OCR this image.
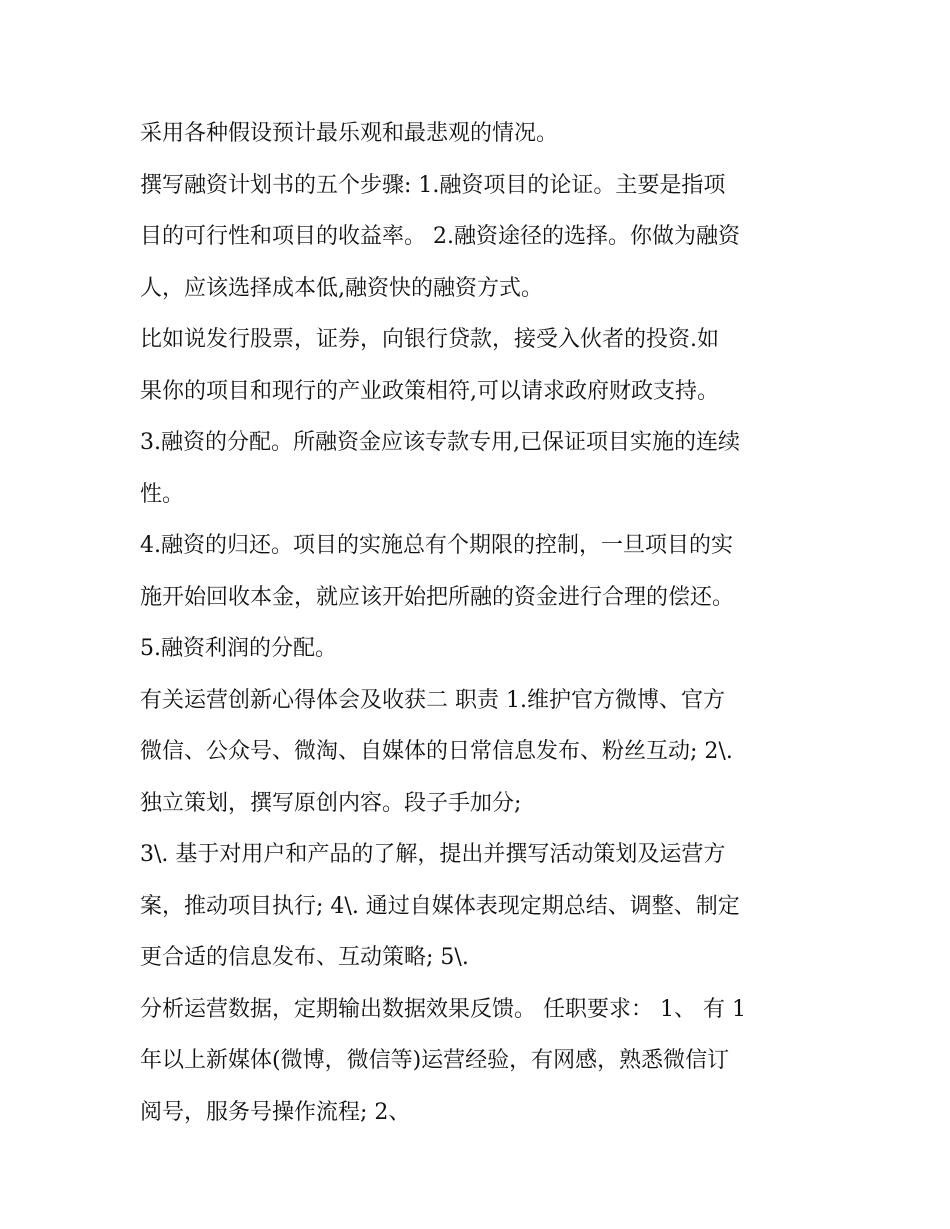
采用各种假设预计最乐观和最悲观的情况。
撰写融资计划书的五个步骤: 1.融资项目的论证。主要是指项
目的可行性和项目的收益率。 2.融资途径的选择。你做为融资
人，应该选择成本低,融资快的融资方式。
比如说发行股票，证券，向银行贷款，接受入伙者的投资.如
果你的项目和现行的产业政策相符,可以请求政府财政支持。
3.融资的分配。所融资金应该专款专用,已保证项目实施的连续
性。
4.融资的归还。项目的实施总有个期限的控制，一旦项目的实
施开始回收本金，就应该开始把所融的资金进行合理的偿还。
5.融资利润的分配。
有关运营创新心得体会及收获二 职责 1.维护官方微博、官方
微信、公众号、微淘、自媒体的日常信息发布、粉丝互动; 2\.
独立策划，撰写原创内容。段子手加分;
3\. 基于对用户和产品的了解，提出并撰写活动策划及运营方
案，推动项目执行; 4\. 通过自媒体表现定期总结、调整、制定
更合适的信息发布、互动策略; 5\.
分析运营数据，定期输出数据效果反馈。 任职要求： 1、 有 1
年以上新媒体(微博，微信等)运营经验，有网感，熟悉微信订
阅号，服务号操作流程; 2、
